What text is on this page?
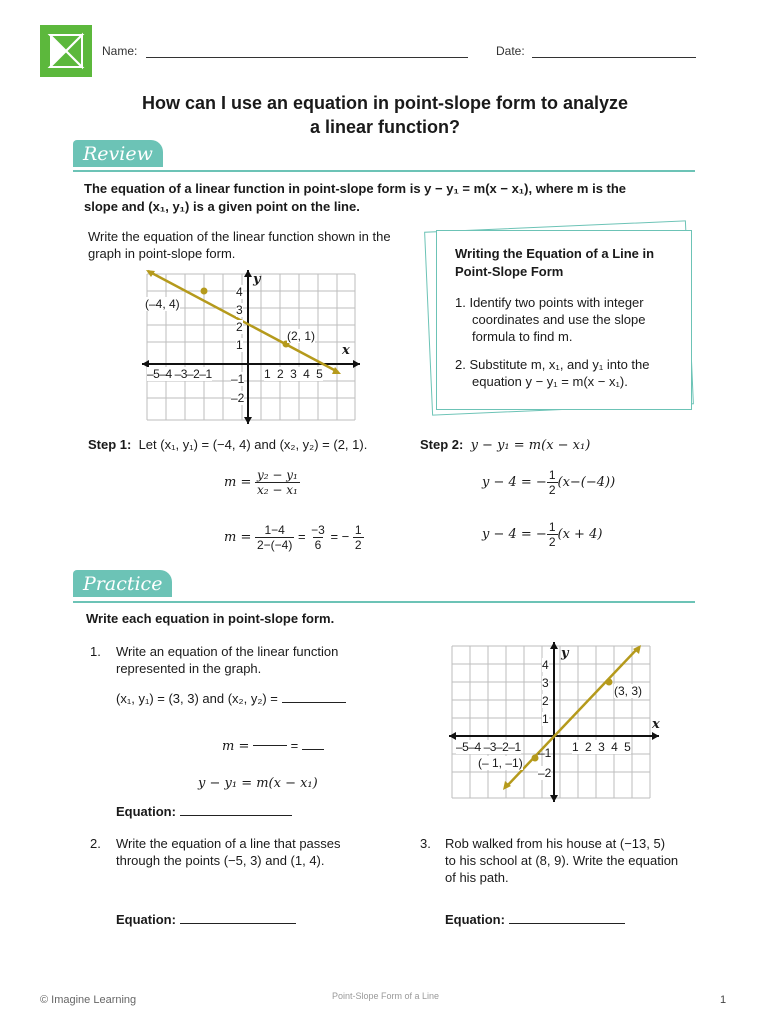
Name:	Date:
How can I use an equation in point-slope form to analyze
a linear function?
Review
The equation of a linear function in point-slope form is y − y₁ = m(x − x₁), where m is the
slope and (x₁, y₁) is a given point on the line.
Write the equation of the linear function shown in the graph in point-slope form.
y
x
4
3
2
1
–1
–2
–5–4 –3–2–1	1 2 3 4 5
(–4, 4)
(2, 1)
Writing the Equation of a Line in
Point-Slope Form
1. Identify two points with integer coordinates and use the slope formula to find m.
2. Substitute m, x₁, and y₁ into the equation y − y₁ = m(x − x₁).
Step 1: Let (x₁, y₁) = (−4, 4) and (x₂, y₂) = (2, 1).
$m = \frac{\text{y₂ − y₁}}{\text{x₂ − x₁}}$
$m = \frac{1-4}{2-(-4)} = \frac{-3}{6}$ = − $\frac{1}{2}$
Step 2: y − y₁ = m(x − x₁)
y − 4 = − $\frac{1}{2} (x-(-4))$
y − 4 = − $\frac{1}{2} (x + 4)$
Practice
Write each equation in point-slope form.
1. Write an equation of the linear function
represented in the graph.
(x₁, y₁) = (3, 3) and (x₂, y₂) =
m =	=
y − y₁ = m(x − x₁)
Equation:
y
x
4
3
2
1
–1
–2
–5–4 –3–2–1	1 2 3 4 5
(3, 3)
(– 1, –1)
2. Write the equation of a line that passes
through the points (−5, 3) and (1, 4).
Equation:
3. Rob walked from his house at (−13, 5)
to his school at (8, 9). Write the equation
of his path.
Equation:
© Imagine Learning	Point-Slope Form of a Line	1
